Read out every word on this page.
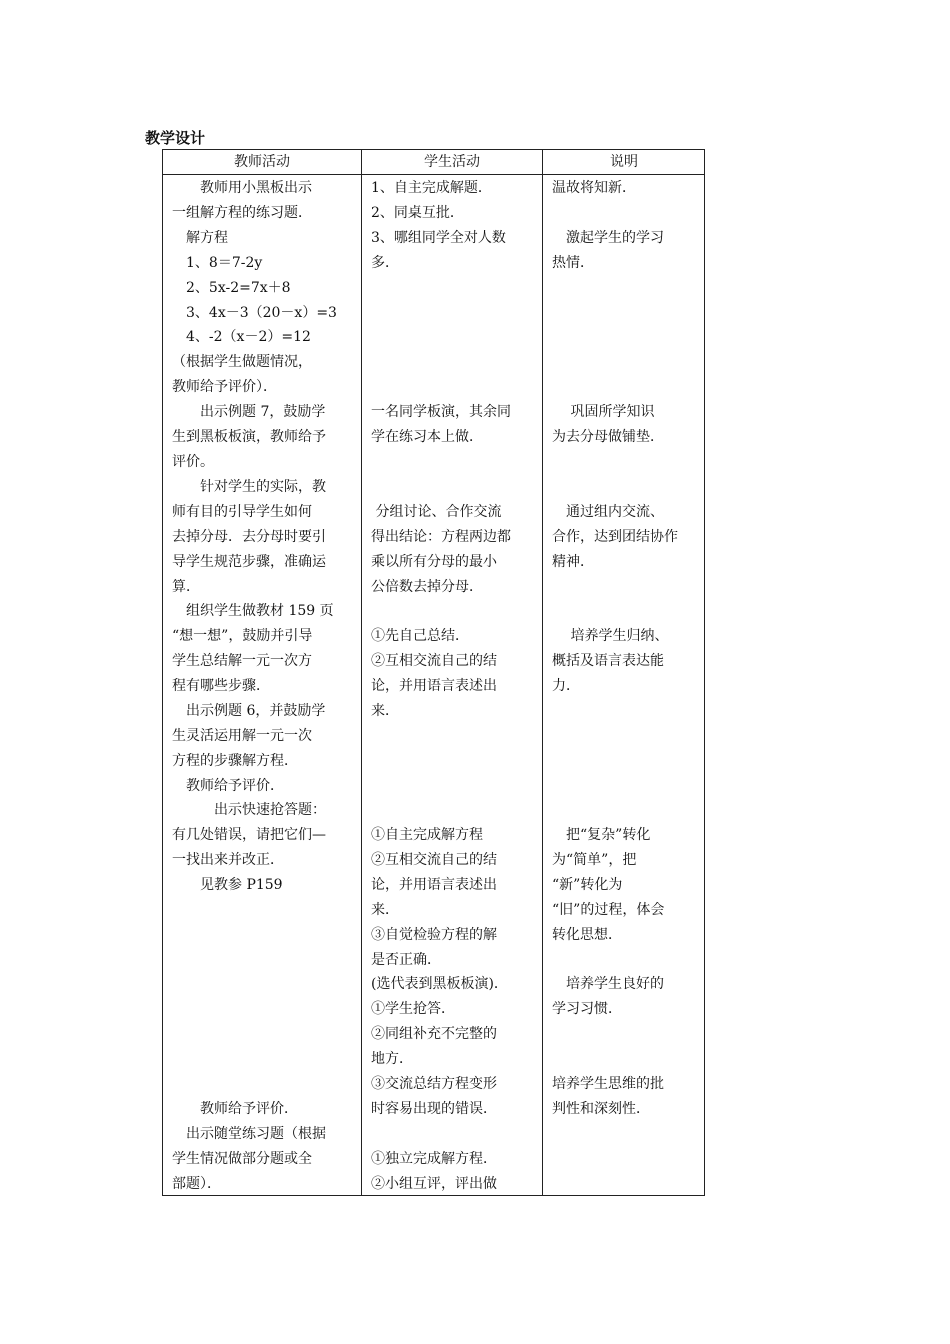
教学设计
教师活动	学生活动	说明
　　教师用小黑板出示
一组解方程的练习题．
　解方程
　1、8＝7-2y
　2、5x-2=7x＋8
　3、4x－3（20－x）=3
　4、-2（x－2）=12
（根据学生做题情况，
教师给予评价）．
　　出示例题 7，鼓励学
生到黑板板演，教师给予
评价。
　　针对学生的实际，教
师有目的引导学生如何
去掉分母．去分母时要引
导学生规范步骤，准确运
算．
　组织学生做教材 159 页
“想一想”，鼓励并引导
学生总结解一元一次方
程有哪些步骤．
　出示例题 6，并鼓励学
生灵活运用解一元一次
方程的步骤解方程．
　教师给予评价．
　　　出示快速抢答题：
有几处错误，请把它们—
一找出来并改正．
　　见教参 P159
　　教师给予评价．
　出示随堂练习题（根据
学生情况做部分题或全
部题）．
1、自主完成解题．
2、同桌互批．
3、哪组同学全对人数
多．
一名同学板演，其余同
学在练习本上做．
分组讨论、合作交流
得出结论：方程两边都
乘以所有分母的最小
公倍数去掉分母．
①先自己总结．
②互相交流自己的结
论，并用语言表述出
来．
①自主完成解方程
②互相交流自己的结
论，并用语言表述出
来．
③自觉检验方程的解
是否正确．
(选代表到黑板板演)．
①学生抢答．
②同组补充不完整的
地方．
③交流总结方程变形
时容易出现的错误．
①独立完成解方程．
②小组互评，评出做
温故将知新．

　激起学生的学习
热情．
　 巩固所学知识
为去分母做铺垫．
　通过组内交流、
合作，达到团结协作
精神．
　 培养学生归纳、
概括及语言表达能
力．
　把“复杂”转化
为“简单”，把
“新”转化为
“旧”的过程，体会
转化思想．

　培养学生良好的
学习习惯．
培养学生思维的批
判性和深刻性．
